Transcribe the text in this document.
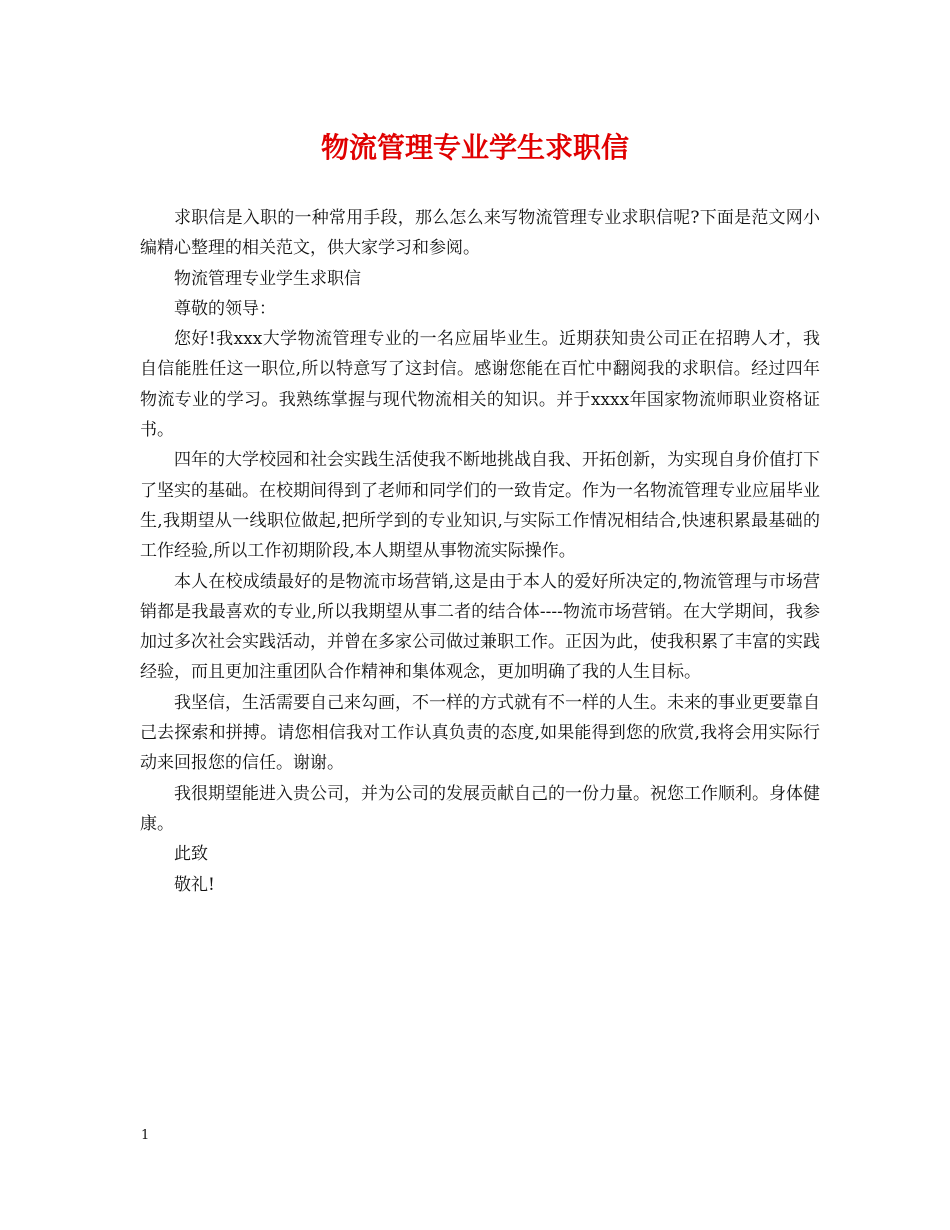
物流管理专业学生求职信

求职信是入职的一种常用手段，那么怎么来写物流管理专业求职信呢?下面是范文网小编精心整理的相关范文，供大家学习和参阅。

物流管理专业学生求职信

尊敬的领导：

您好!我xxx大学物流管理专业的一名应届毕业生。近期获知贵公司正在招聘人才，我自信能胜任这一职位,所以特意写了这封信。感谢您能在百忙中翻阅我的求职信。经过四年物流专业的学习。我熟练掌握与现代物流相关的知识。并于xxxx年国家物流师职业资格证书。

四年的大学校园和社会实践生活使我不断地挑战自我、开拓创新，为实现自身价值打下了坚实的基础。在校期间得到了老师和同学们的一致肯定。作为一名物流管理专业应届毕业生,我期望从一线职位做起,把所学到的专业知识,与实际工作情况相结合,快速积累最基础的工作经验,所以工作初期阶段,本人期望从事物流实际操作。

本人在校成绩最好的是物流市场营销,这是由于本人的爱好所决定的,物流管理与市场营销都是我最喜欢的专业,所以我期望从事二者的结合体----物流市场营销。在大学期间，我参加过多次社会实践活动，并曾在多家公司做过兼职工作。正因为此，使我积累了丰富的实践经验，而且更加注重团队合作精神和集体观念，更加明确了我的人生目标。

我坚信，生活需要自己来勾画，不一样的方式就有不一样的人生。未来的事业更要靠自己去探索和拼搏。请您相信我对工作认真负责的态度,如果能得到您的欣赏,我将会用实际行动来回报您的信任。谢谢。

我很期望能进入贵公司，并为公司的发展贡献自己的一份力量。祝您工作顺利。身体健康。

此致

敬礼!

1
